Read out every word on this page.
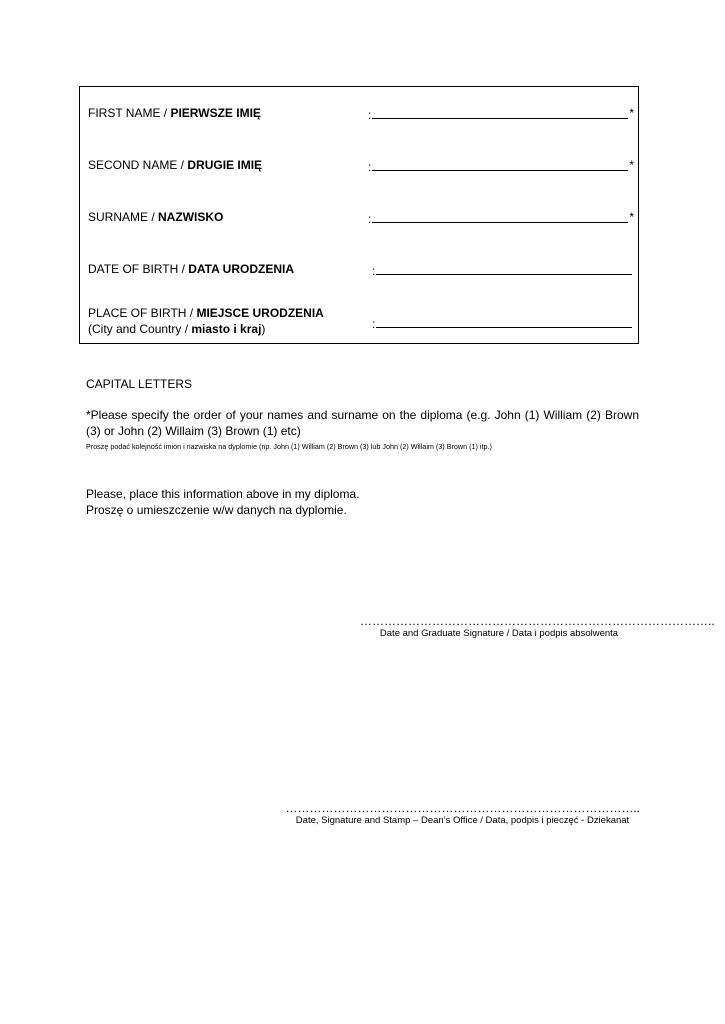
FIRST NAME / PIERWSZE IMIĘ	:	*
SECOND NAME / DRUGIE IMIĘ	:	*
SURNAME / NAZWISKO	:	*
DATE OF BIRTH / DATA URODZENIA	:
PLACE OF BIRTH / MIEJSCE URODZENIA
(City and Country / miasto i kraj)	:
CAPITAL LETTERS
*Please specify the order of your names and surname on the diploma (e.g. John (1) William (2) Brown (3) or John (2) Willaim (3) Brown (1) etc)
Proszę podać kolejność imion i nazwiska na dyplomie (np. John (1) William (2) Brown (3) lub John (2) Willaim (3) Brown (1) itp.)
Please, place this information above in my diploma.
Proszę o umieszczenie w/w danych na dyplomie.
……………………………………………………………………………..
Date and Graduate Signature / Data i podpis absolwenta
……………………………………………………………………………..
Date, Signature and Stamp – Dean’s Office / Data, podpis i pieczęć - Dziekanat
